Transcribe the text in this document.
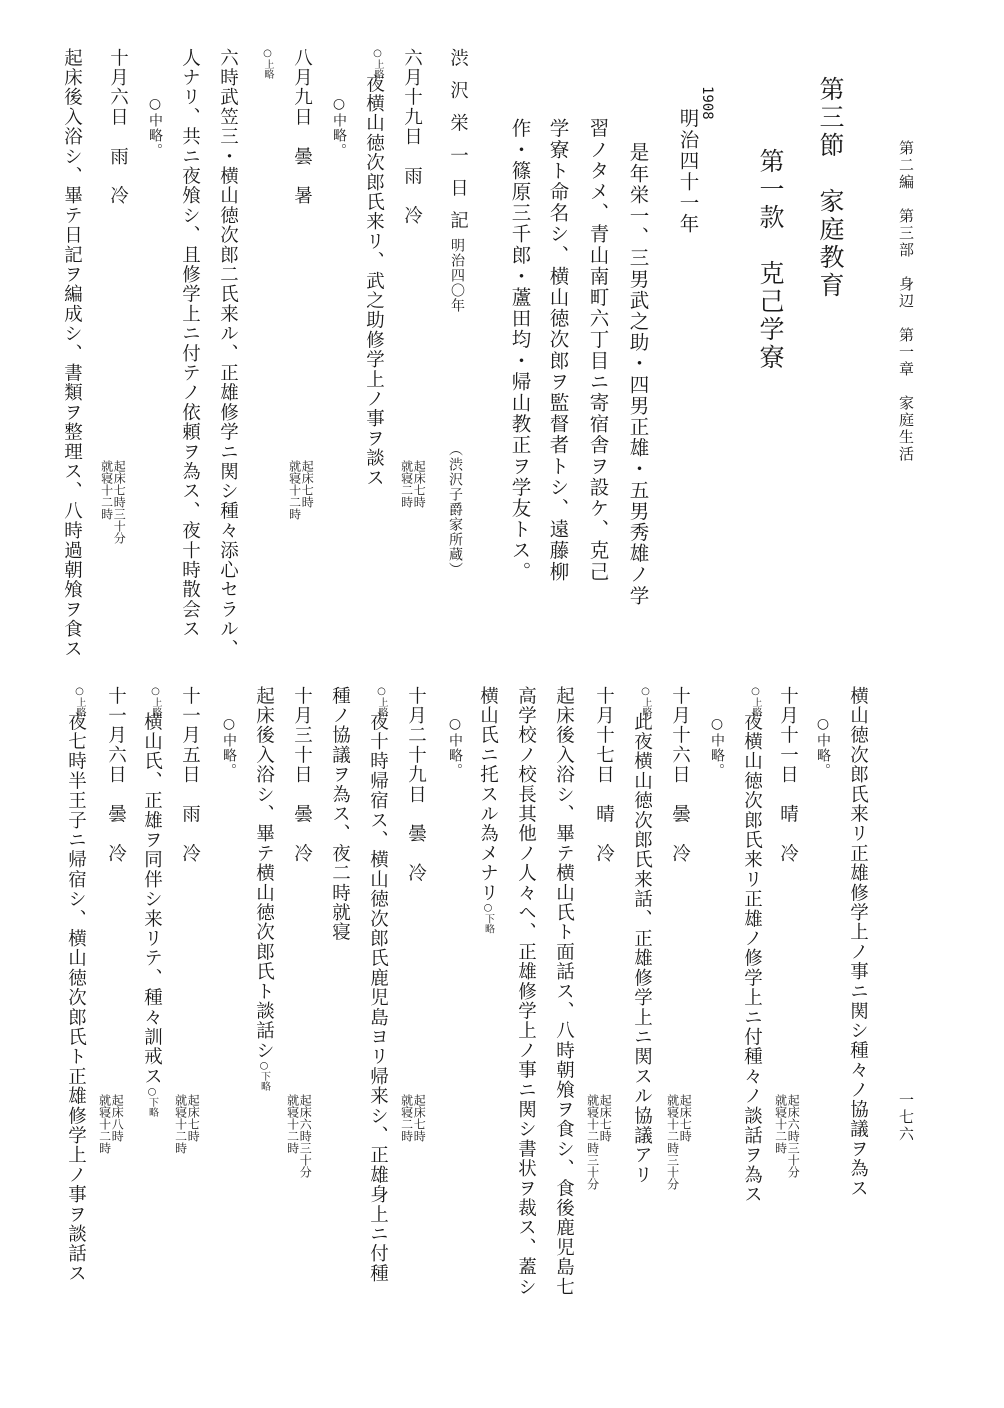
第二編　第三部　身辺　第一章　家庭生活
一七六
第三節　家庭教育
第一款　克己学寮
1908
明治四十一年
是年栄一、三男武之助・四男正雄・五男秀雄ノ学
習ノタメ、青山南町六丁目ニ寄宿舎ヲ設ケ、克己
学寮ト命名シ、横山徳次郎ヲ監督者トシ、遠藤柳
作・篠原三千郎・蘆田均・帰山教正ヲ学友トス。
渋沢栄一日記
明治四〇年
（渋沢子爵家所蔵）
六月十九日　雨　冷
起床七時
就寝二時
○上略
夜横山徳次郎氏来リ、武之助修学上ノ事ヲ談ス
○中略。
八月九日　曇　暑
起床七時
就寝十二時
○上略
六時武笠三・横山徳次郎二氏来ル、正雄修学ニ関シ種々添心セラル、
人ナリ、共ニ夜飧シ、且修学上ニ付テノ依頼ヲ為ス、夜十時散会ス
○中略。
十月六日　雨　冷
起床七時三十分
就寝十二時
起床後入浴シ、畢テ日記ヲ編成シ、書類ヲ整理ス、八時過朝飧ヲ食ス
横山徳次郎氏来リ正雄修学上ノ事ニ関シ種々ノ協議ヲ為ス
○中略。
十月十一日　晴　冷
起床六時三十分
就寝十二時
○上略
夜横山徳次郎氏来リ正雄ノ修学上ニ付種々ノ談話ヲ為ス
○中略。
十月十六日　曇　冷
起床七時
就寝十二時三十分
○上略
此夜横山徳次郎氏来話、正雄修学上ニ関スル協議アリ
十月十七日　晴　冷
起床七時
就寝十二時三十分
起床後入浴シ、畢テ横山氏ト面話ス、八時朝飧ヲ食シ、食後鹿児島七
高学校ノ校長其他ノ人々ヘ、正雄修学上ノ事ニ関シ書状ヲ裁ス、蓋シ
横山氏ニ托スル為メナリ○下略
○中略。
十月二十九日　曇　冷
起床七時
就寝二時
○上略
夜十時帰宿ス、横山徳次郎氏鹿児島ヨリ帰来シ、正雄身上ニ付種
種ノ協議ヲ為ス、夜二時就寝
十月三十日　曇　冷
起床六時三十分
就寝十二時
起床後入浴シ、畢テ横山徳次郎氏ト談話シ○下略
○中略。
十一月五日　雨　冷
起床七時
就寝十二時
○上略
横山氏、正雄ヲ同伴シ来リテ、種々訓戒ス○下略
十一月六日　曇　冷
起床八時
就寝十二時
○上略
夜七時半王子ニ帰宿シ、横山徳次郎氏ト正雄修学上ノ事ヲ談話ス
